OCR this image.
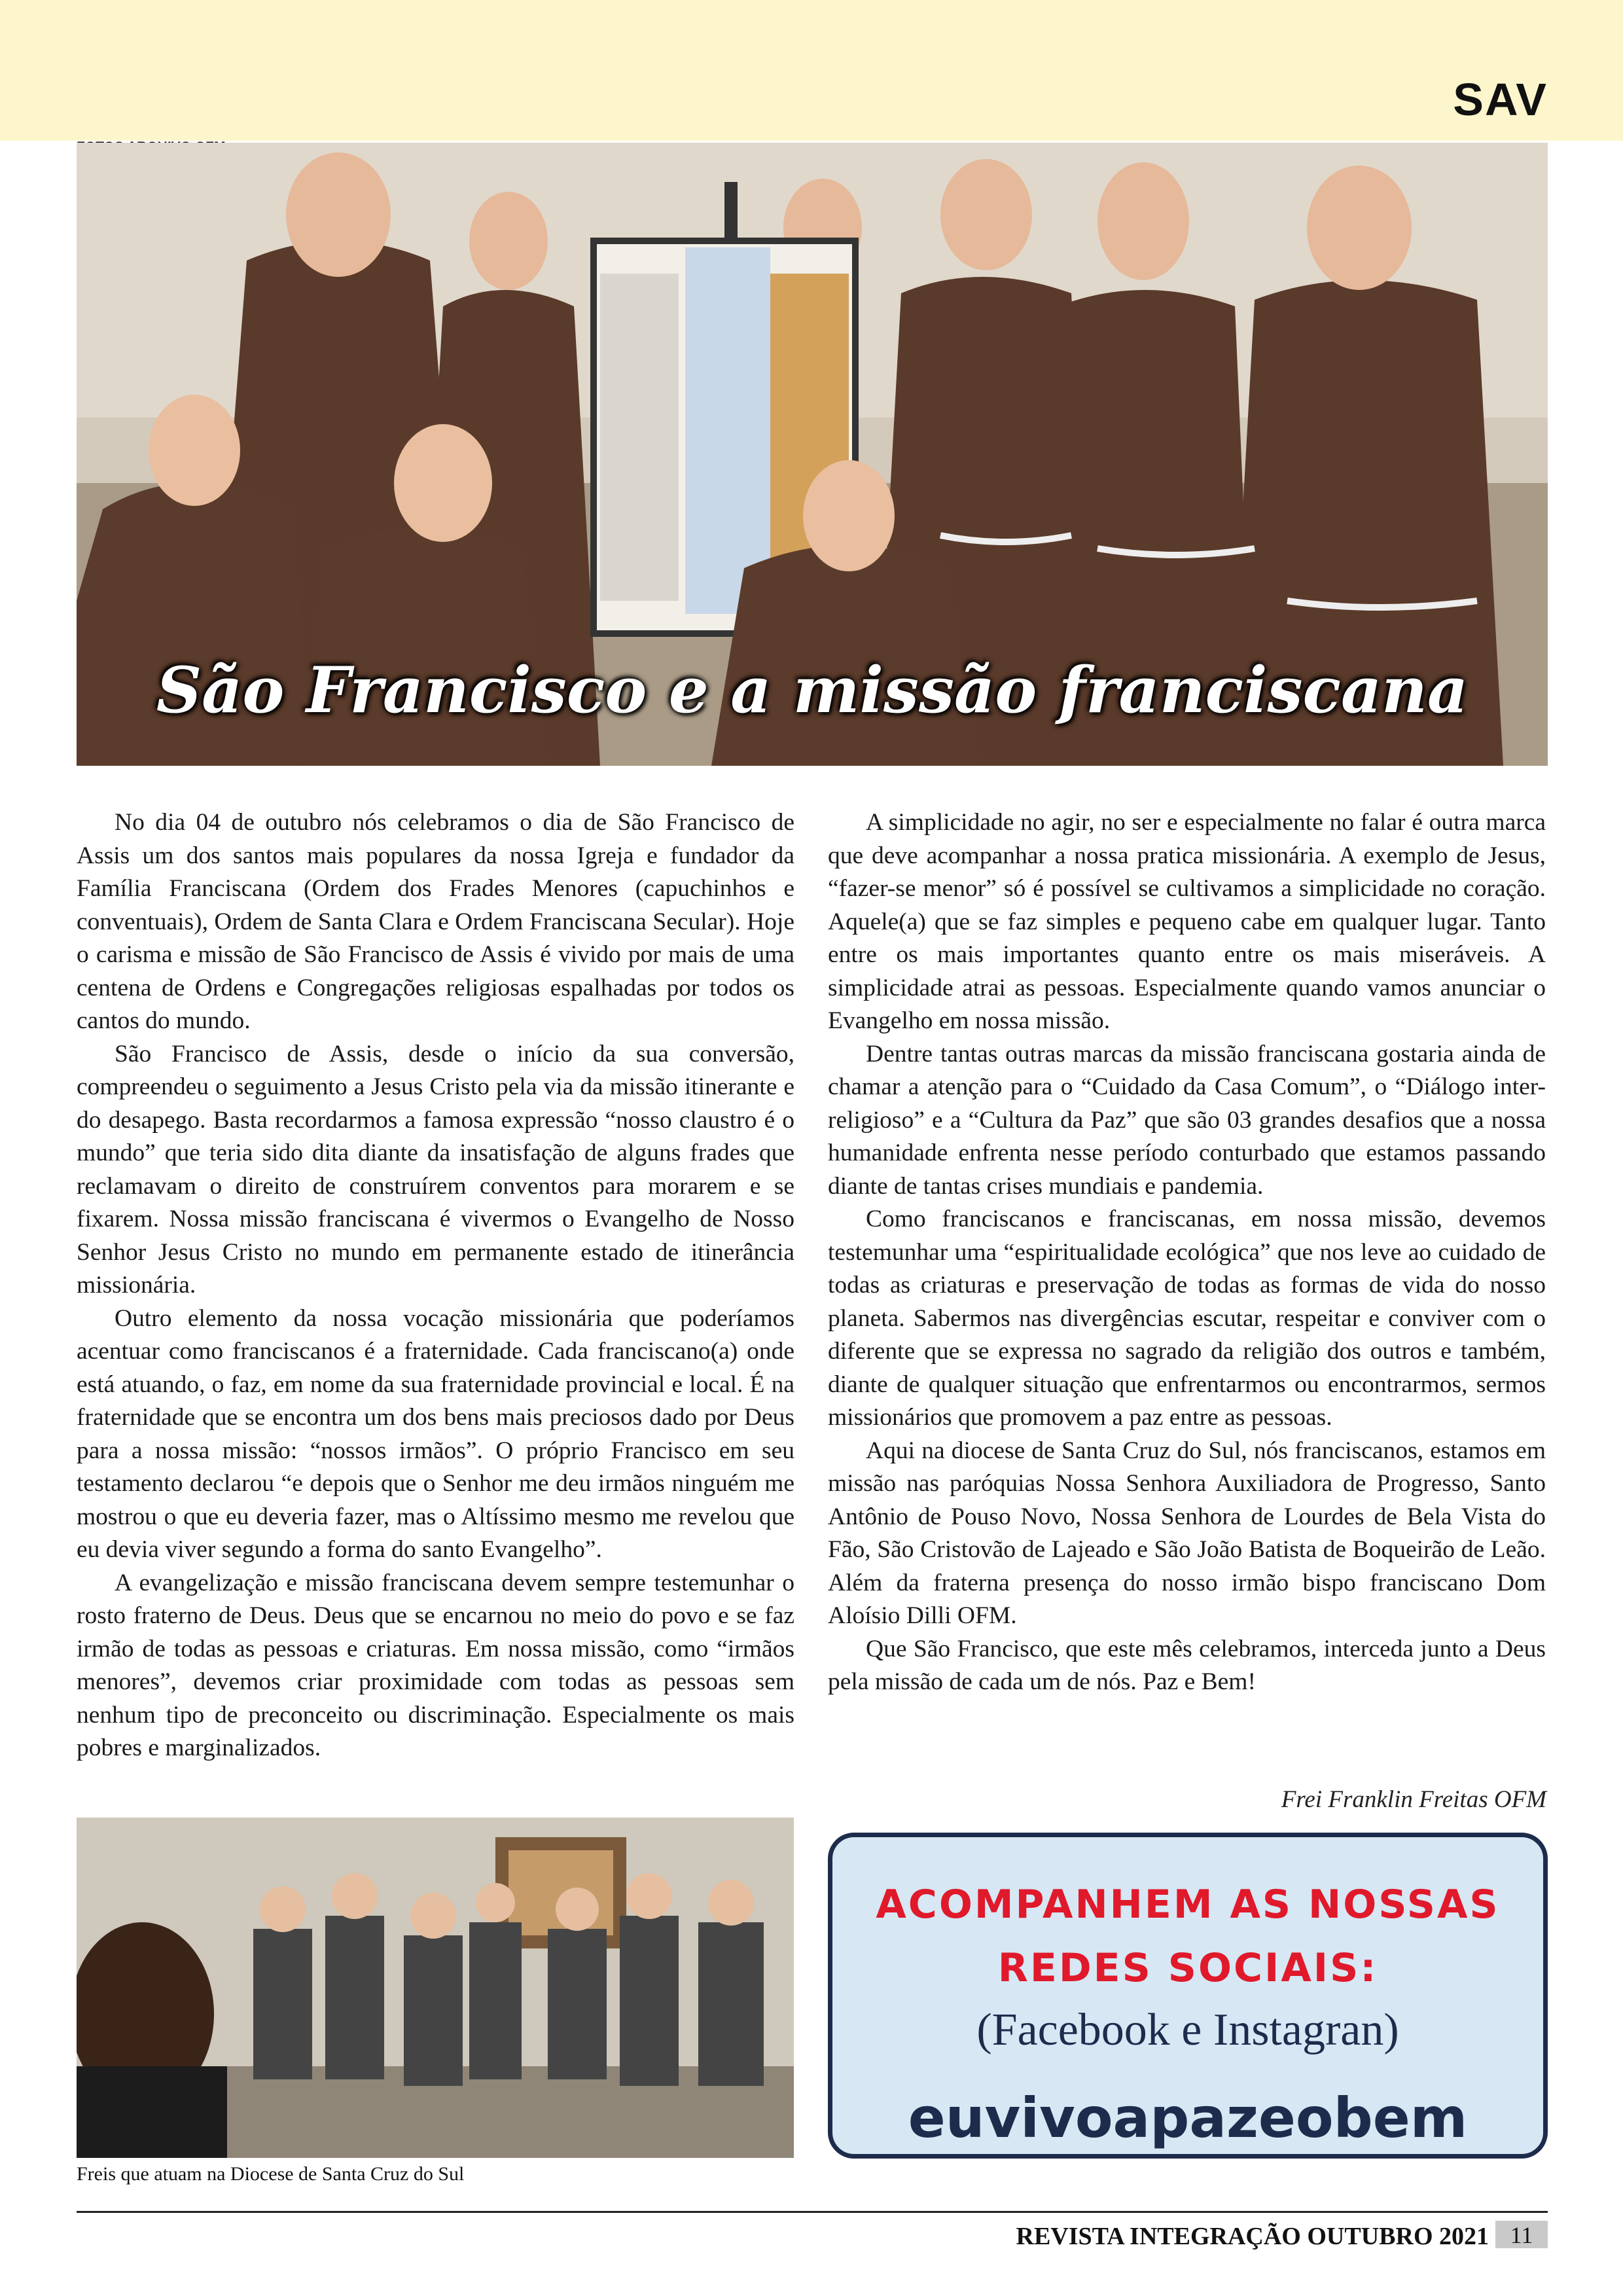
SAV
São Francisco e a missão franciscana

No dia 04 de outubro nós celebramos o dia de São Francisco de Assis um dos santos mais populares da nossa Igreja e fundador da Família Franciscana (Ordem dos Frades Menores (capuchinhos e conventuais), Ordem de Santa Clara e Ordem Franciscana Secular). Hoje o carisma e missão de São Francisco de Assis é vivido por mais de uma centena de Ordens e Congregações religiosas espalhadas por todos os cantos do mundo.

São Francisco de Assis, desde o início da sua conversão, compreendeu o seguimento a Jesus Cristo pela via da missão itinerante e do desapego. Basta recordarmos a famosa expressão “nosso claustro é o mundo” que teria sido dita diante da insatisfação de alguns frades que reclamavam o direito de construírem conventos para morarem e se fixarem. Nossa missão franciscana é vivermos o Evangelho de Nosso Senhor Jesus Cristo no mundo em permanente estado de itinerância missionária.

Outro elemento da nossa vocação missionária que poderíamos acentuar como franciscanos é a fraternidade. Cada franciscano(a) onde está atuando, o faz, em nome da sua fraternidade provincial e local. É na fraternidade que se encontra um dos bens mais preciosos dado por Deus para a nossa missão: “nossos irmãos”. O próprio Francisco em seu testamento declarou “e depois que o Senhor me deu irmãos ninguém me mostrou o que eu deveria fazer, mas o Altíssimo mesmo me revelou que eu devia viver segundo a forma do santo Evangelho”.

A evangelização e missão franciscana devem sempre testemunhar o rosto fraterno de Deus. Deus que se encarnou no meio do povo e se faz irmão de todas as pessoas e criaturas. Em nossa missão, como “irmãos menores”, devemos criar proximidade com todas as pessoas sem nenhum tipo de preconceito ou discriminação. Especialmente os mais pobres e marginalizados.

A simplicidade no agir, no ser e especialmente no falar é outra marca que deve acompanhar a nossa pratica missionária. A exemplo de Jesus, “fazer-se menor” só é possível se cultivamos a simplicidade no coração. Aquele(a) que se faz simples e pequeno cabe em qualquer lugar. Tanto entre os mais importantes quanto entre os mais miseráveis. A simplicidade atrai as pessoas. Especialmente quando vamos anunciar o Evangelho em nossa missão.

Dentre tantas outras marcas da missão franciscana gostaria ainda de chamar a atenção para o “Cuidado da Casa Comum”, o “Diálogo inter-religioso” e a “Cultura da Paz” que são 03 grandes desafios que a nossa humanidade enfrenta nesse período conturbado que estamos passando diante de tantas crises mundiais e pandemia.

Como franciscanos e franciscanas, em nossa missão, devemos testemunhar uma “espiritualidade ecológica” que nos leve ao cuidado de todas as criaturas e preservação de todas as formas de vida do nosso planeta. Sabermos nas divergências escutar, respeitar e conviver com o diferente que se expressa no sagrado da religião dos outros e também, diante de qualquer situação que enfrentarmos ou encontrarmos, sermos missionários que promovem a paz entre as pessoas.

Aqui na diocese de Santa Cruz do Sul, nós franciscanos, estamos em missão nas paróquias Nossa Senhora Auxiliadora de Progresso, Santo Antônio de Pouso Novo, Nossa Senhora de Lourdes de Bela Vista do Fão, São Cristovão de Lajeado e São João Batista de Boqueirão de Leão. Além da fraterna presença do nosso irmão bispo franciscano Dom Aloísio Dilli OFM.

Que São Francisco, que este mês celebramos, interceda junto a Deus pela missão de cada um de nós. Paz e Bem!

Frei Franklin Freitas OFM
Freis que atuam na Diocese de Santa Cruz do Sul
ACOMPANHEM AS NOSSAS
REDES SOCIAIS:
(Facebook e Instagran)
euvivoapazeobem
REVISTA INTEGRAÇÃO OUTUBRO 2021 11
